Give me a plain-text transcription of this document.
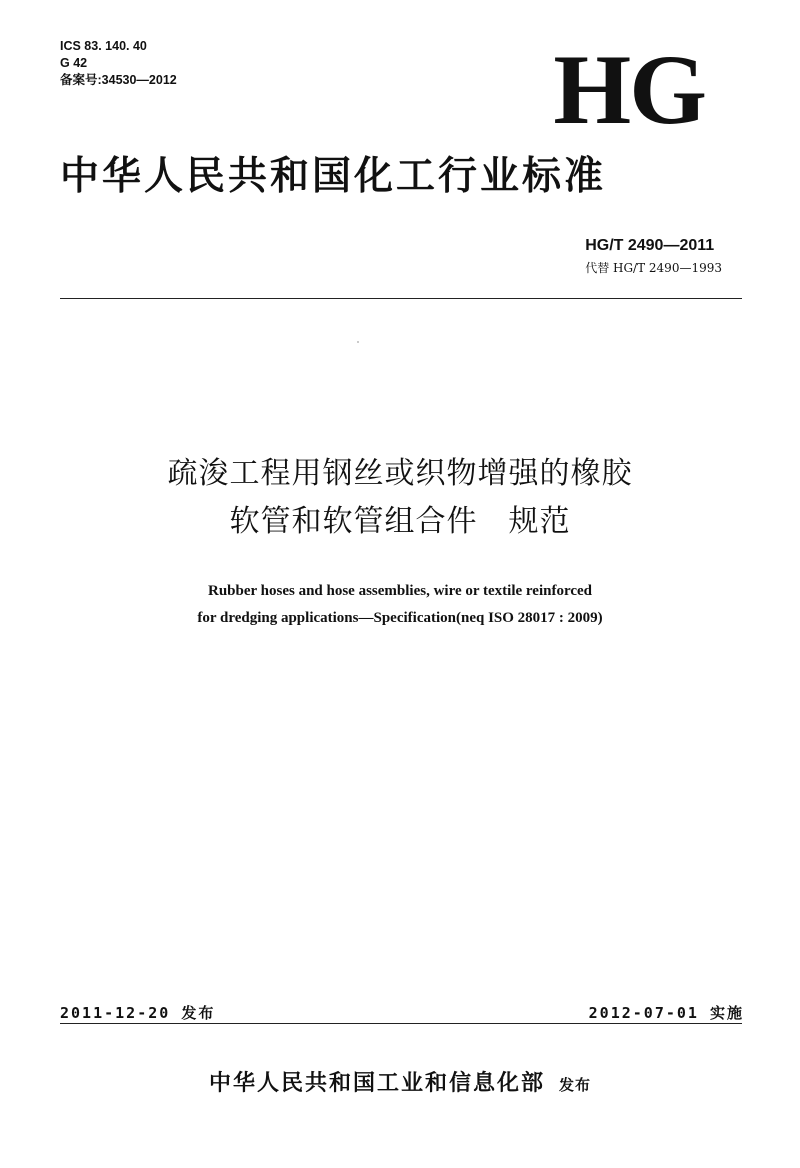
ICS 83. 140. 40
G 42
备案号:34530—2012	HG
中华人民共和国化工行业标准
HG/T 2490—2011
代替 HG/T 2490—1993
疏浚工程用钢丝或织物增强的橡胶
软管和软管组合件　规范
Rubber hoses and hose assemblies, wire or textile reinforced
for dredging applications—Specification(neq ISO 28017 : 2009)
2011-12-20 发布	2012-07-01 实施
中华人民共和国工业和信息化部 发布
